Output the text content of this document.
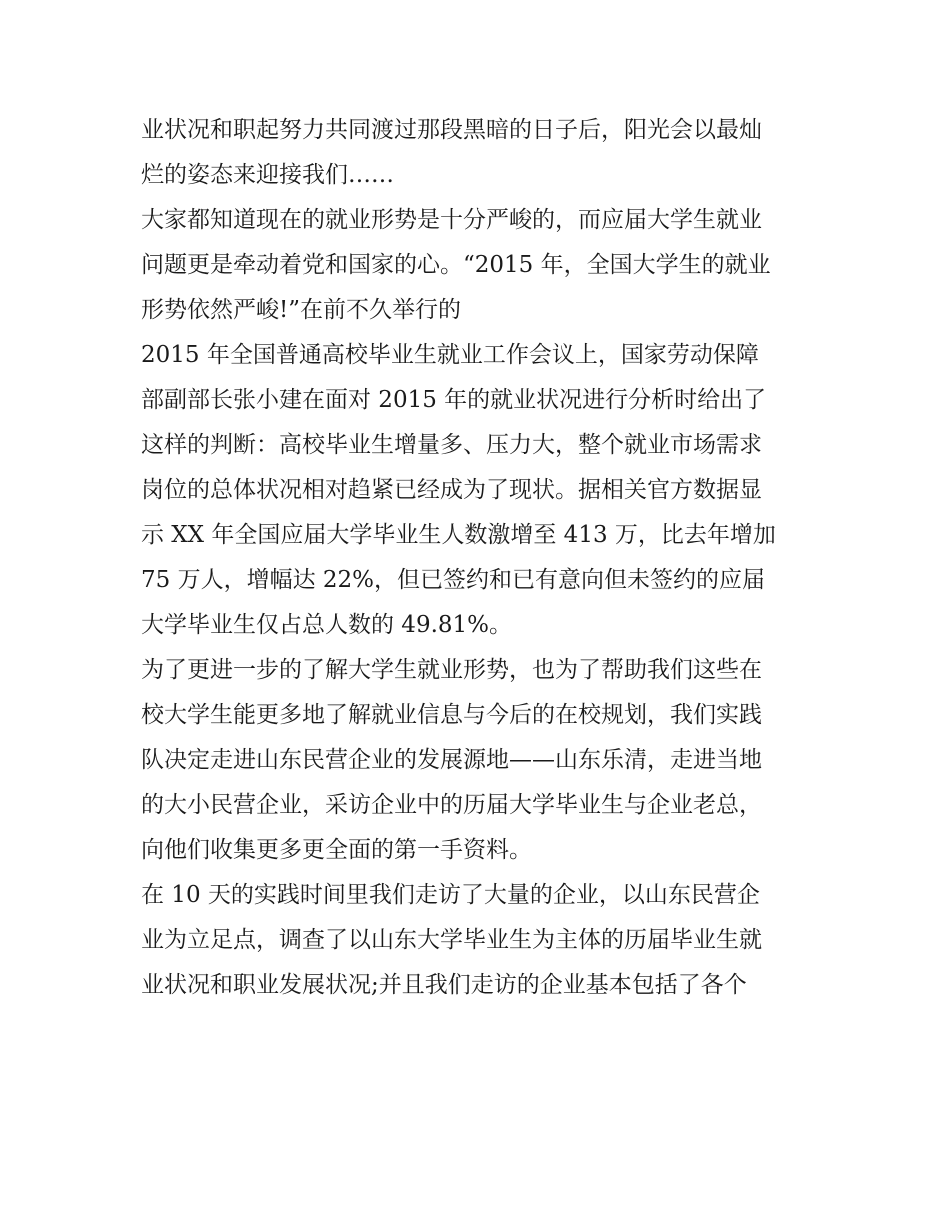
业状况和职起努力共同渡过那段黑暗的日子后，阳光会以最灿
烂的姿态来迎接我们……
大家都知道现在的就业形势是十分严峻的，而应届大学生就业
问题更是牵动着党和国家的心。“2015 年，全国大学生的就业
形势依然严峻!”在前不久举行的
2015 年全国普通高校毕业生就业工作会议上，国家劳动保障
部副部长张小建在面对 2015 年的就业状况进行分析时给出了
这样的判断：高校毕业生增量多、压力大，整个就业市场需求
岗位的总体状况相对趋紧已经成为了现状。据相关官方数据显
示 XX 年全国应届大学毕业生人数激增至 413 万，比去年增加
75 万人，增幅达 22%，但已签约和已有意向但未签约的应届
大学毕业生仅占总人数的 49.81%。
为了更进一步的了解大学生就业形势，也为了帮助我们这些在
校大学生能更多地了解就业信息与今后的在校规划，我们实践
队决定走进山东民营企业的发展源地——山东乐清，走进当地
的大小民营企业，采访企业中的历届大学毕业生与企业老总，
向他们收集更多更全面的第一手资料。
在 10 天的实践时间里我们走访了大量的企业，以山东民营企
业为立足点，调查了以山东大学毕业生为主体的历届毕业生就
业状况和职业发展状况;并且我们走访的企业基本包括了各个
